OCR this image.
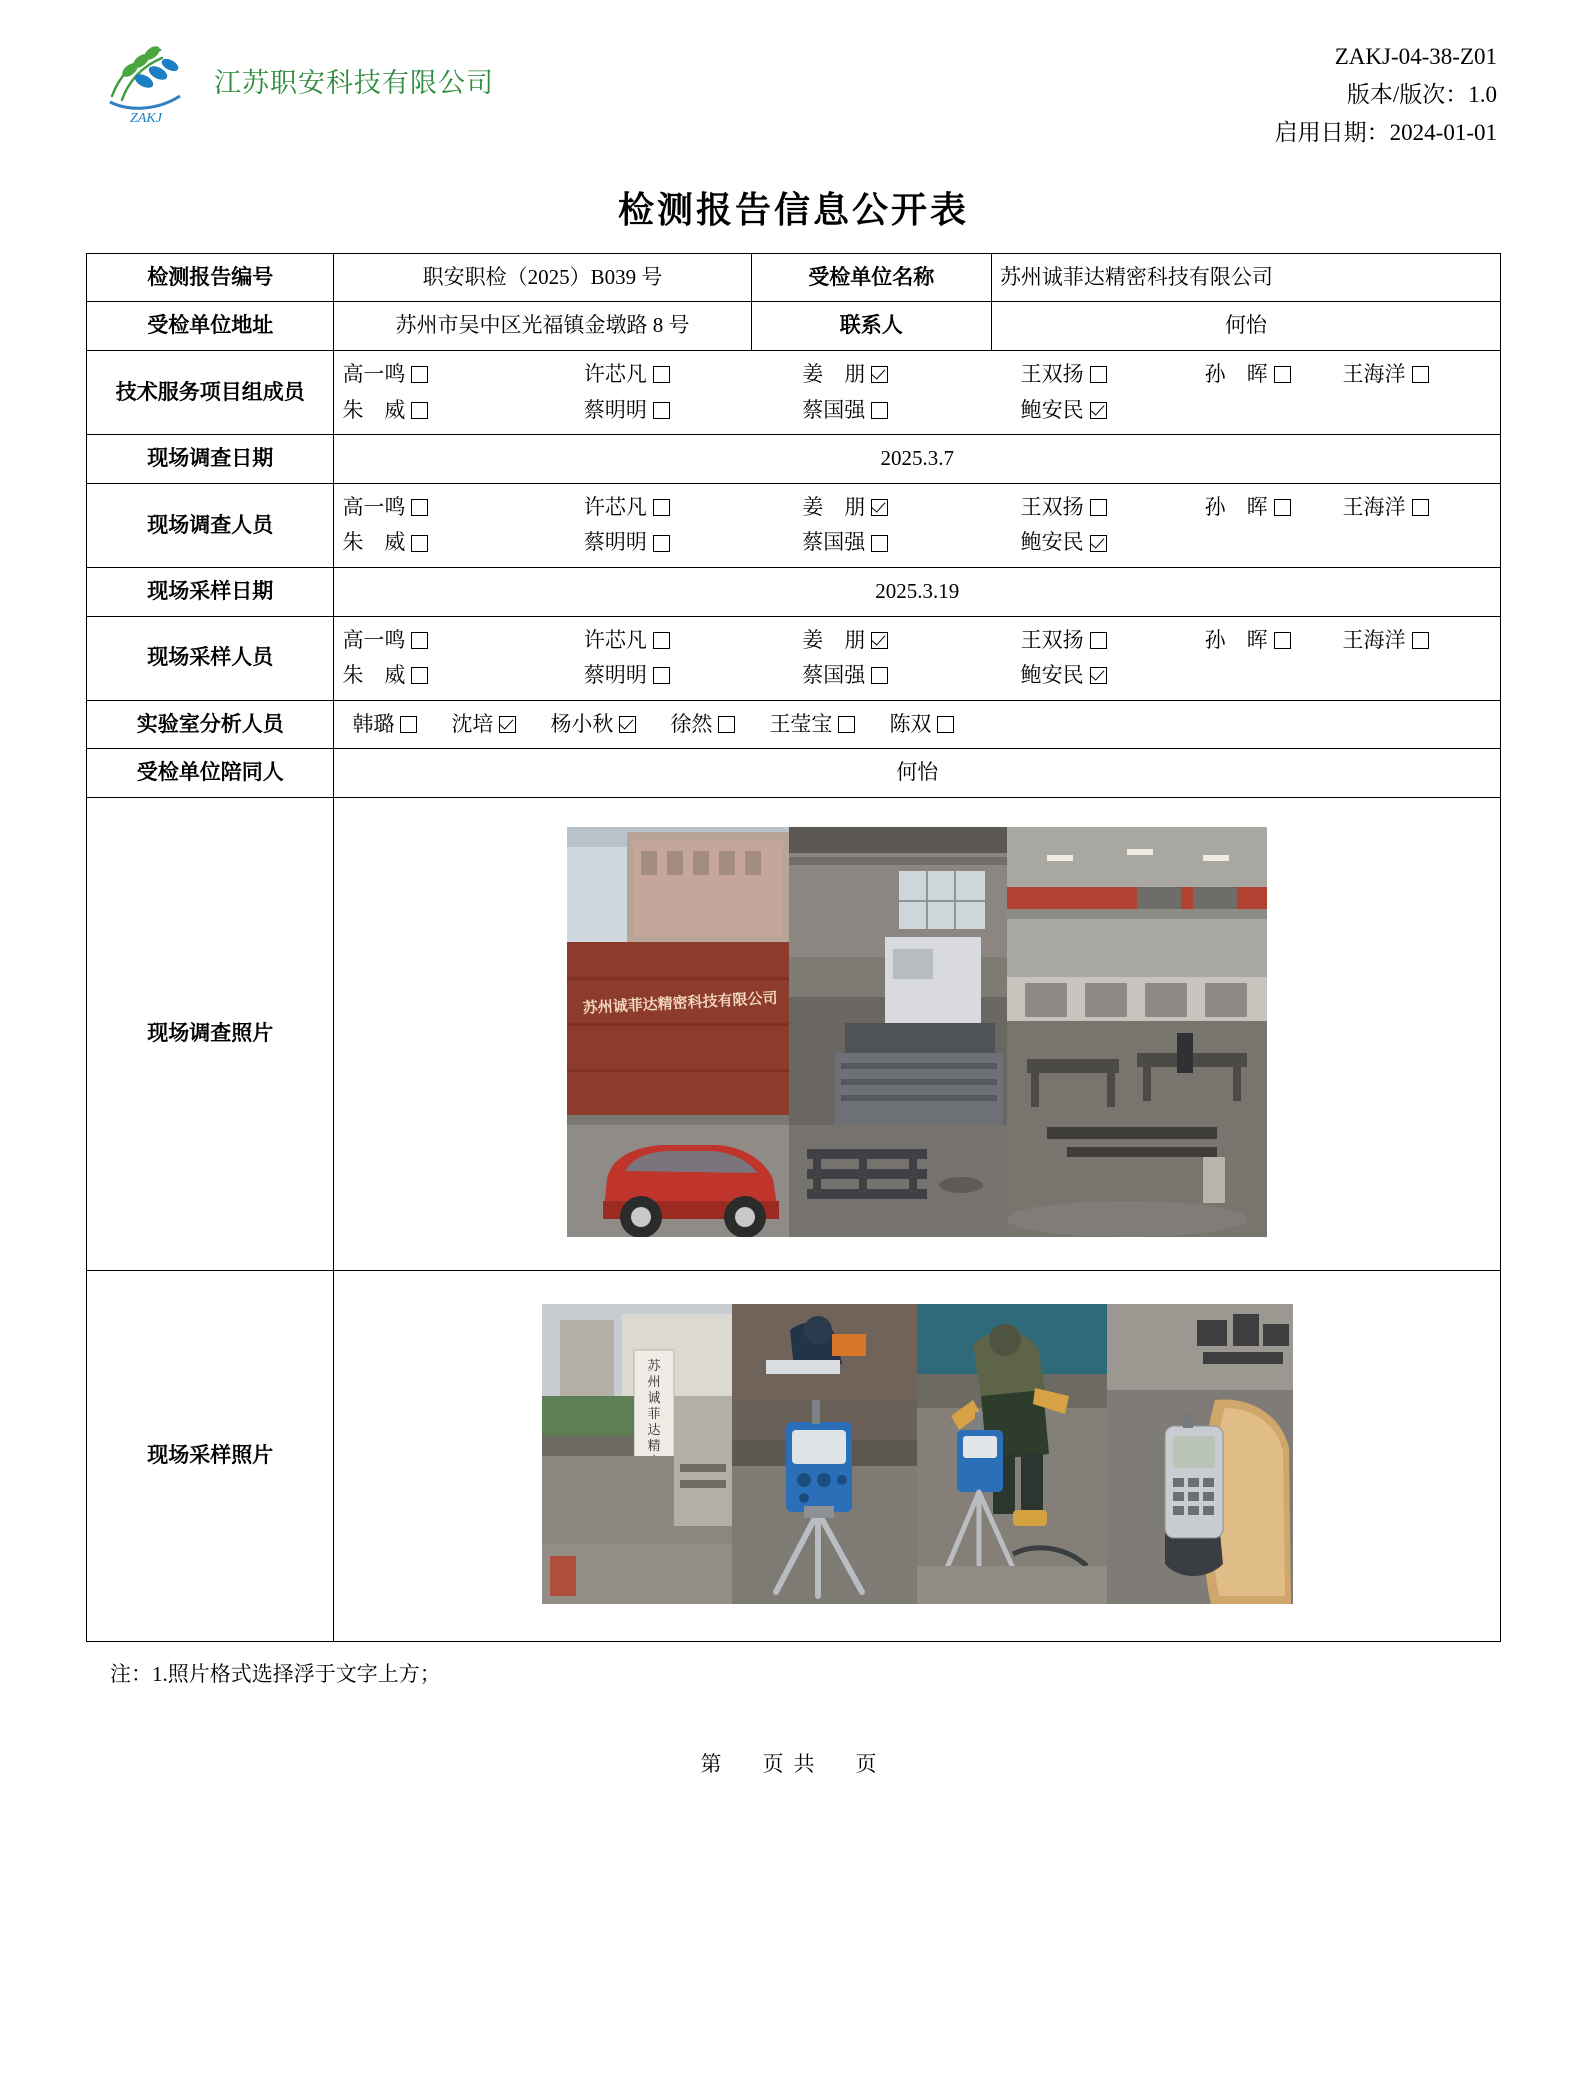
ZAKJ
江苏职安科技有限公司
ZAKJ-04-38-Z01
版本/版次：1.0
启用日期：2024-01-01
检测报告信息公开表
检测报告编号	职安职检（2025）B039 号	受检单位名称	苏州诚菲达精密科技有限公司
受检单位地址	苏州市吴中区光福镇金墩路 8 号	联系人	何怡
技术服务项目组成员	
高一鸣	许芯凡	姜　朋	王双扬	孙　晖	王海洋
朱　威	蔡明明	蔡国强	鲍安民

现场调查日期	2025.3.7		
现场调查人员	
高一鸣	许芯凡	姜　朋	王双扬	孙　晖	王海洋
朱　威	蔡明明	蔡国强	鲍安民

现场采样日期	2025.3.19		
现场采样人员	
高一鸣	许芯凡	姜　朋	王双扬	孙　晖	王海洋
朱　威	蔡明明	蔡国强	鲍安民

实验室分析人员	韩璐	沈培	杨小秋	徐然	王莹宝	陈双

受检单位陪同人	何怡		
现场调查照片	苏州诚菲达精密科技有限公司		

现场采样照片	
苏
州
诚
菲
达
精
注：1.照片格式选择浮于文字上方；
第　页共　页
